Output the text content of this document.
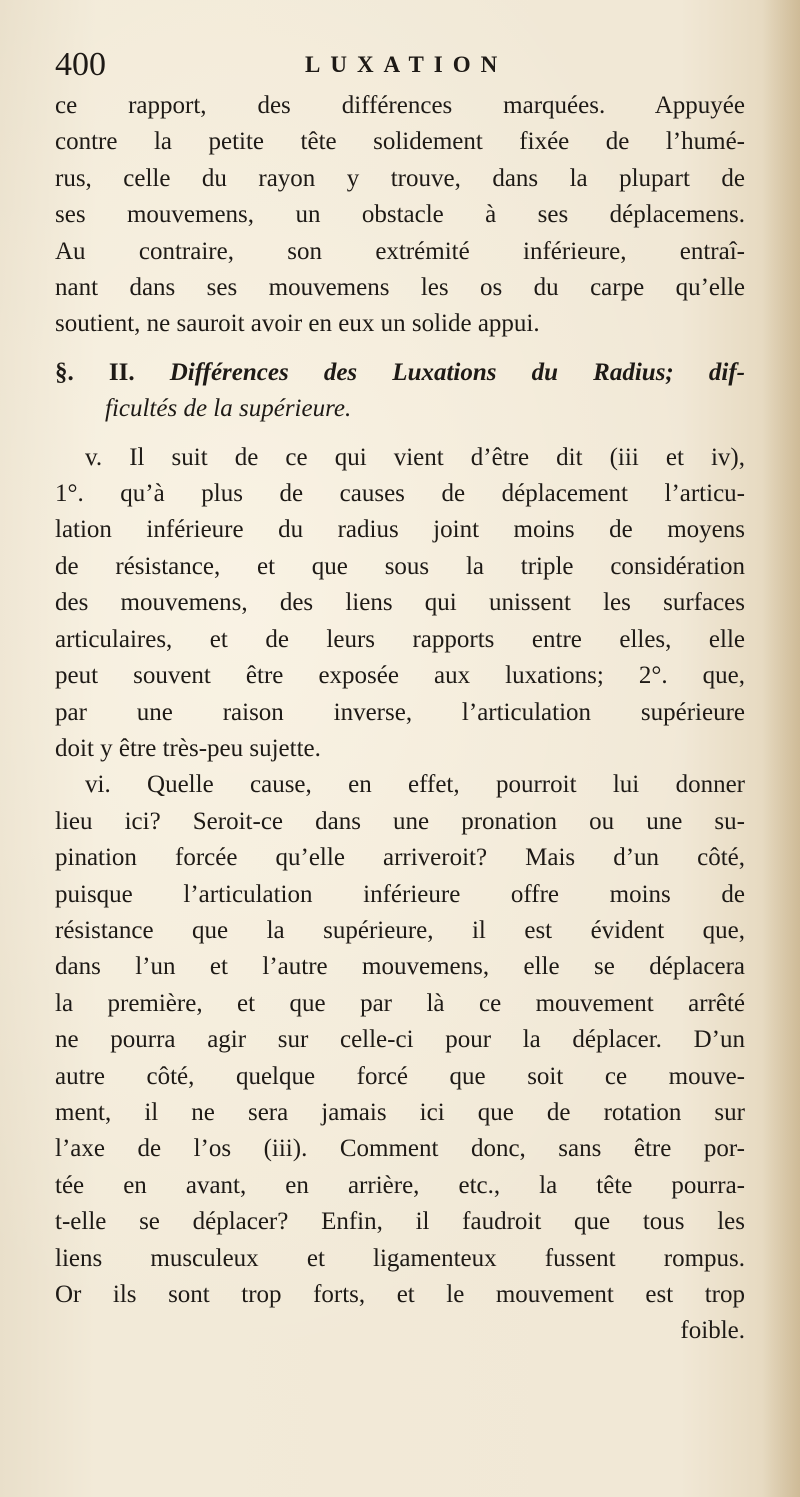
400	LUXATION
ce rapport, des différences marquées. Appuyée
contre la petite tête solidement fixée de l’humé-
rus, celle du rayon y trouve, dans la plupart de
ses mouvemens, un obstacle à ses déplacemens.
Au contraire, son extrémité inférieure, entraî-
nant dans ses mouvemens les os du carpe qu’elle
soutient, ne sauroit avoir en eux un solide appui.
§. II. Différences des Luxations du Radius; dif-
ficultés de la supérieure.
v. Il suit de ce qui vient d’être dit (iii et iv),
1°. qu’à plus de causes de déplacement l’articu-
lation inférieure du radius joint moins de moyens
de résistance, et que sous la triple considération
des mouvemens, des liens qui unissent les surfaces
articulaires, et de leurs rapports entre elles, elle
peut souvent être exposée aux luxations; 2°. que,
par une raison inverse, l’articulation supérieure
doit y être très-peu sujette.
vi. Quelle cause, en effet, pourroit lui donner
lieu ici? Seroit-ce dans une pronation ou une su-
pination forcée qu’elle arriveroit? Mais d’un côté,
puisque l’articulation inférieure offre moins de
résistance que la supérieure, il est évident que,
dans l’un et l’autre mouvemens, elle se déplacera
la première, et que par là ce mouvement arrêté
ne pourra agir sur celle-ci pour la déplacer. D’un
autre côté, quelque forcé que soit ce mouve-
ment, il ne sera jamais ici que de rotation sur
l’axe de l’os (iii). Comment donc, sans être por-
tée en avant, en arrière, etc., la tête pourra-
t-elle se déplacer? Enfin, il faudroit que tous les
liens musculeux et ligamenteux fussent rompus.
Or ils sont trop forts, et le mouvement est trop
foible.
